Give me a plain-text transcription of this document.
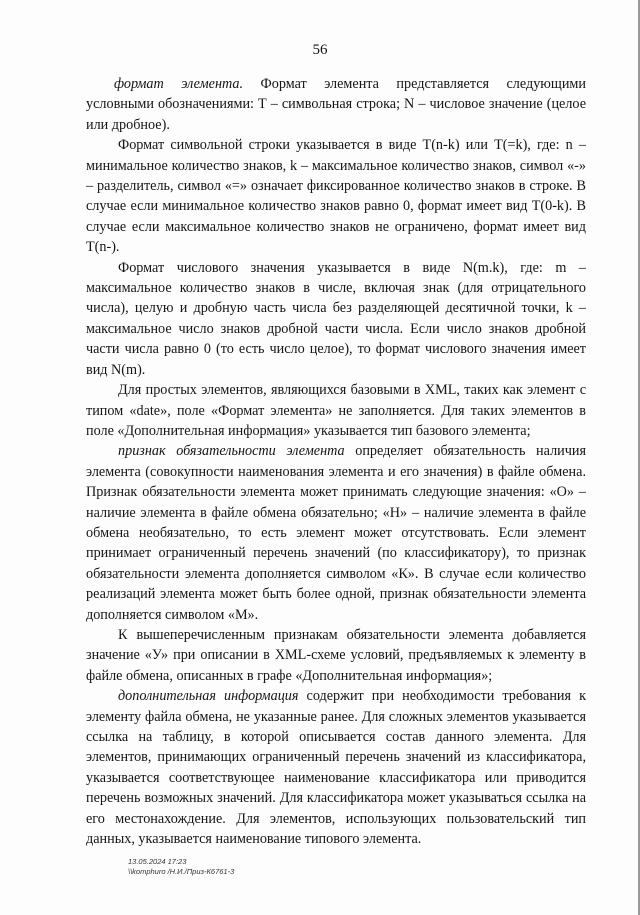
56

формат элемента. Формат элемента представляется следующими условными обозначениями: Т – символьная строка; N – числовое значение (целое или дробное).

Формат символьной строки указывается в виде T(n-k) или T(=k), где: n – минимальное количество знаков, k – максимальное количество знаков, символ «-» – разделитель, символ «=» означает фиксированное количество знаков в строке. В случае если минимальное количество знаков равно 0, формат имеет вид T(0-k). В случае если максимальное количество знаков не ограничено, формат имеет вид T(n-).

Формат числового значения указывается в виде N(m.k), где: m – максимальное количество знаков в числе, включая знак (для отрицательного числа), целую и дробную часть числа без разделяющей десятичной точки, k – максимальное число знаков дробной части числа. Если число знаков дробной части числа равно 0 (то есть число целое), то формат числового значения имеет вид N(m).

Для простых элементов, являющихся базовыми в XML, таких как элемент с типом «date», поле «Формат элемента» не заполняется. Для таких элементов в поле «Дополнительная информация» указывается тип базового элемента;

признак обязательности элемента определяет обязательность наличия элемента (совокупности наименования элемента и его значения) в файле обмена. Признак обязательности элемента может принимать следующие значения: «О» – наличие элемента в файле обмена обязательно; «Н» – наличие элемента в файле обмена необязательно, то есть элемент может отсутствовать. Если элемент принимает ограниченный перечень значений (по классификатору), то признак обязательности элемента дополняется символом «К». В случае если количество реализаций элемента может быть более одной, признак обязательности элемента дополняется символом «М».

К вышеперечисленным признакам обязательности элемента добавляется значение «У» при описании в XML-схеме условий, предъявляемых к элементу в файле обмена, описанных в графе «Дополнительная информация»;

дополнительная информация содержит при необходимости требования к элементу файла обмена, не указанные ранее. Для сложных элементов указывается ссылка на таблицу, в которой описывается состав данного элемента. Для элементов, принимающих ограниченный перечень значений из классификатора, указывается соответствующее наименование классификатора или приводится перечень возможных значений. Для классификатора может указываться ссылка на его местонахождение. Для элементов, использующих пользовательский тип данных, указывается наименование типового элемента.

13.05.2024 17:23
\\komphuro /Н.И./Приз-К6761-3
